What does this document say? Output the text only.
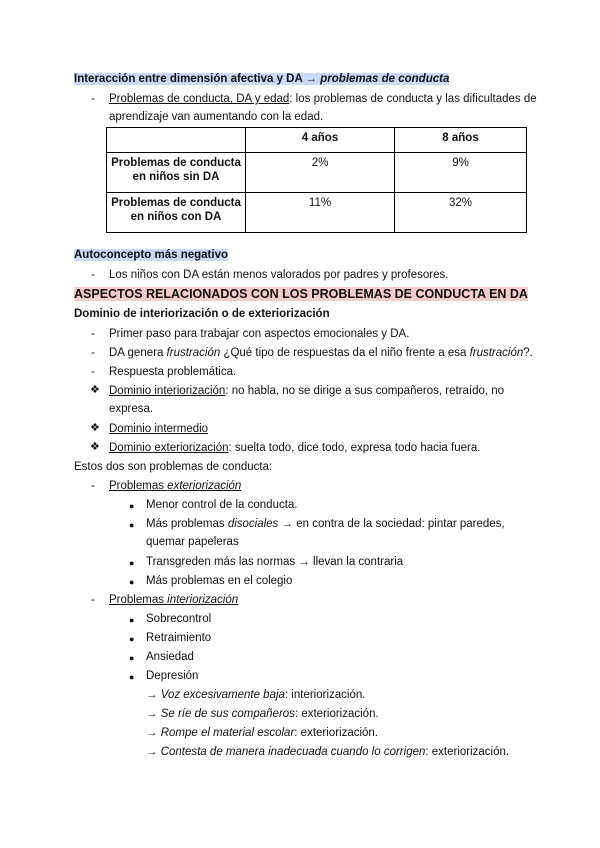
Interacción entre dimensión afectiva y DA → problemas de conducta
- Problemas de conducta, DA y edad: los problemas de conducta y las dificultades de
aprendizaje van aumentando con la edad.
	4 años	8 años
Problemas de conducta
en niños sin DA	2%	9%
Problemas de conducta
en niños con DA	11%	32%
Autoconcepto más negativo
- Los niños con DA están menos valorados por padres y profesores.
ASPECTOS RELACIONADOS CON LOS PROBLEMAS DE CONDUCTA EN DA
Dominio de interiorización o de exteriorización
- Primer paso para trabajar con aspectos emocionales y DA.
- DA genera frustración ¿Qué tipo de respuestas da el niño frente a esa frustración?.
- Respuesta problemática.
❖ Dominio interiorización: no habla, no se dirige a sus compañeros, retraído, no
expresa.
❖ Dominio intermedio
❖ Dominio exteriorización: suelta todo, dice todo, expresa todo hacia fuera.
Estos dos son problemas de conducta:
- Problemas exteriorización
● Menor control de la conducta.
● Más problemas disociales → en contra de la sociedad: pintar paredes,
quemar papeleras
● Transgreden más las normas → llevan la contraria
● Más problemas en el colegio
- Problemas interiorización
● Sobrecontrol
● Retraimiento
● Ansiedad
● Depresión
→ Voz excesivamente baja: interiorización.
→ Se ríe de sus compañeros: exteriorización.
→ Rompe el material escolar: exteriorización.
→ Contesta de manera inadecuada cuando lo corrigen: exteriorización.
